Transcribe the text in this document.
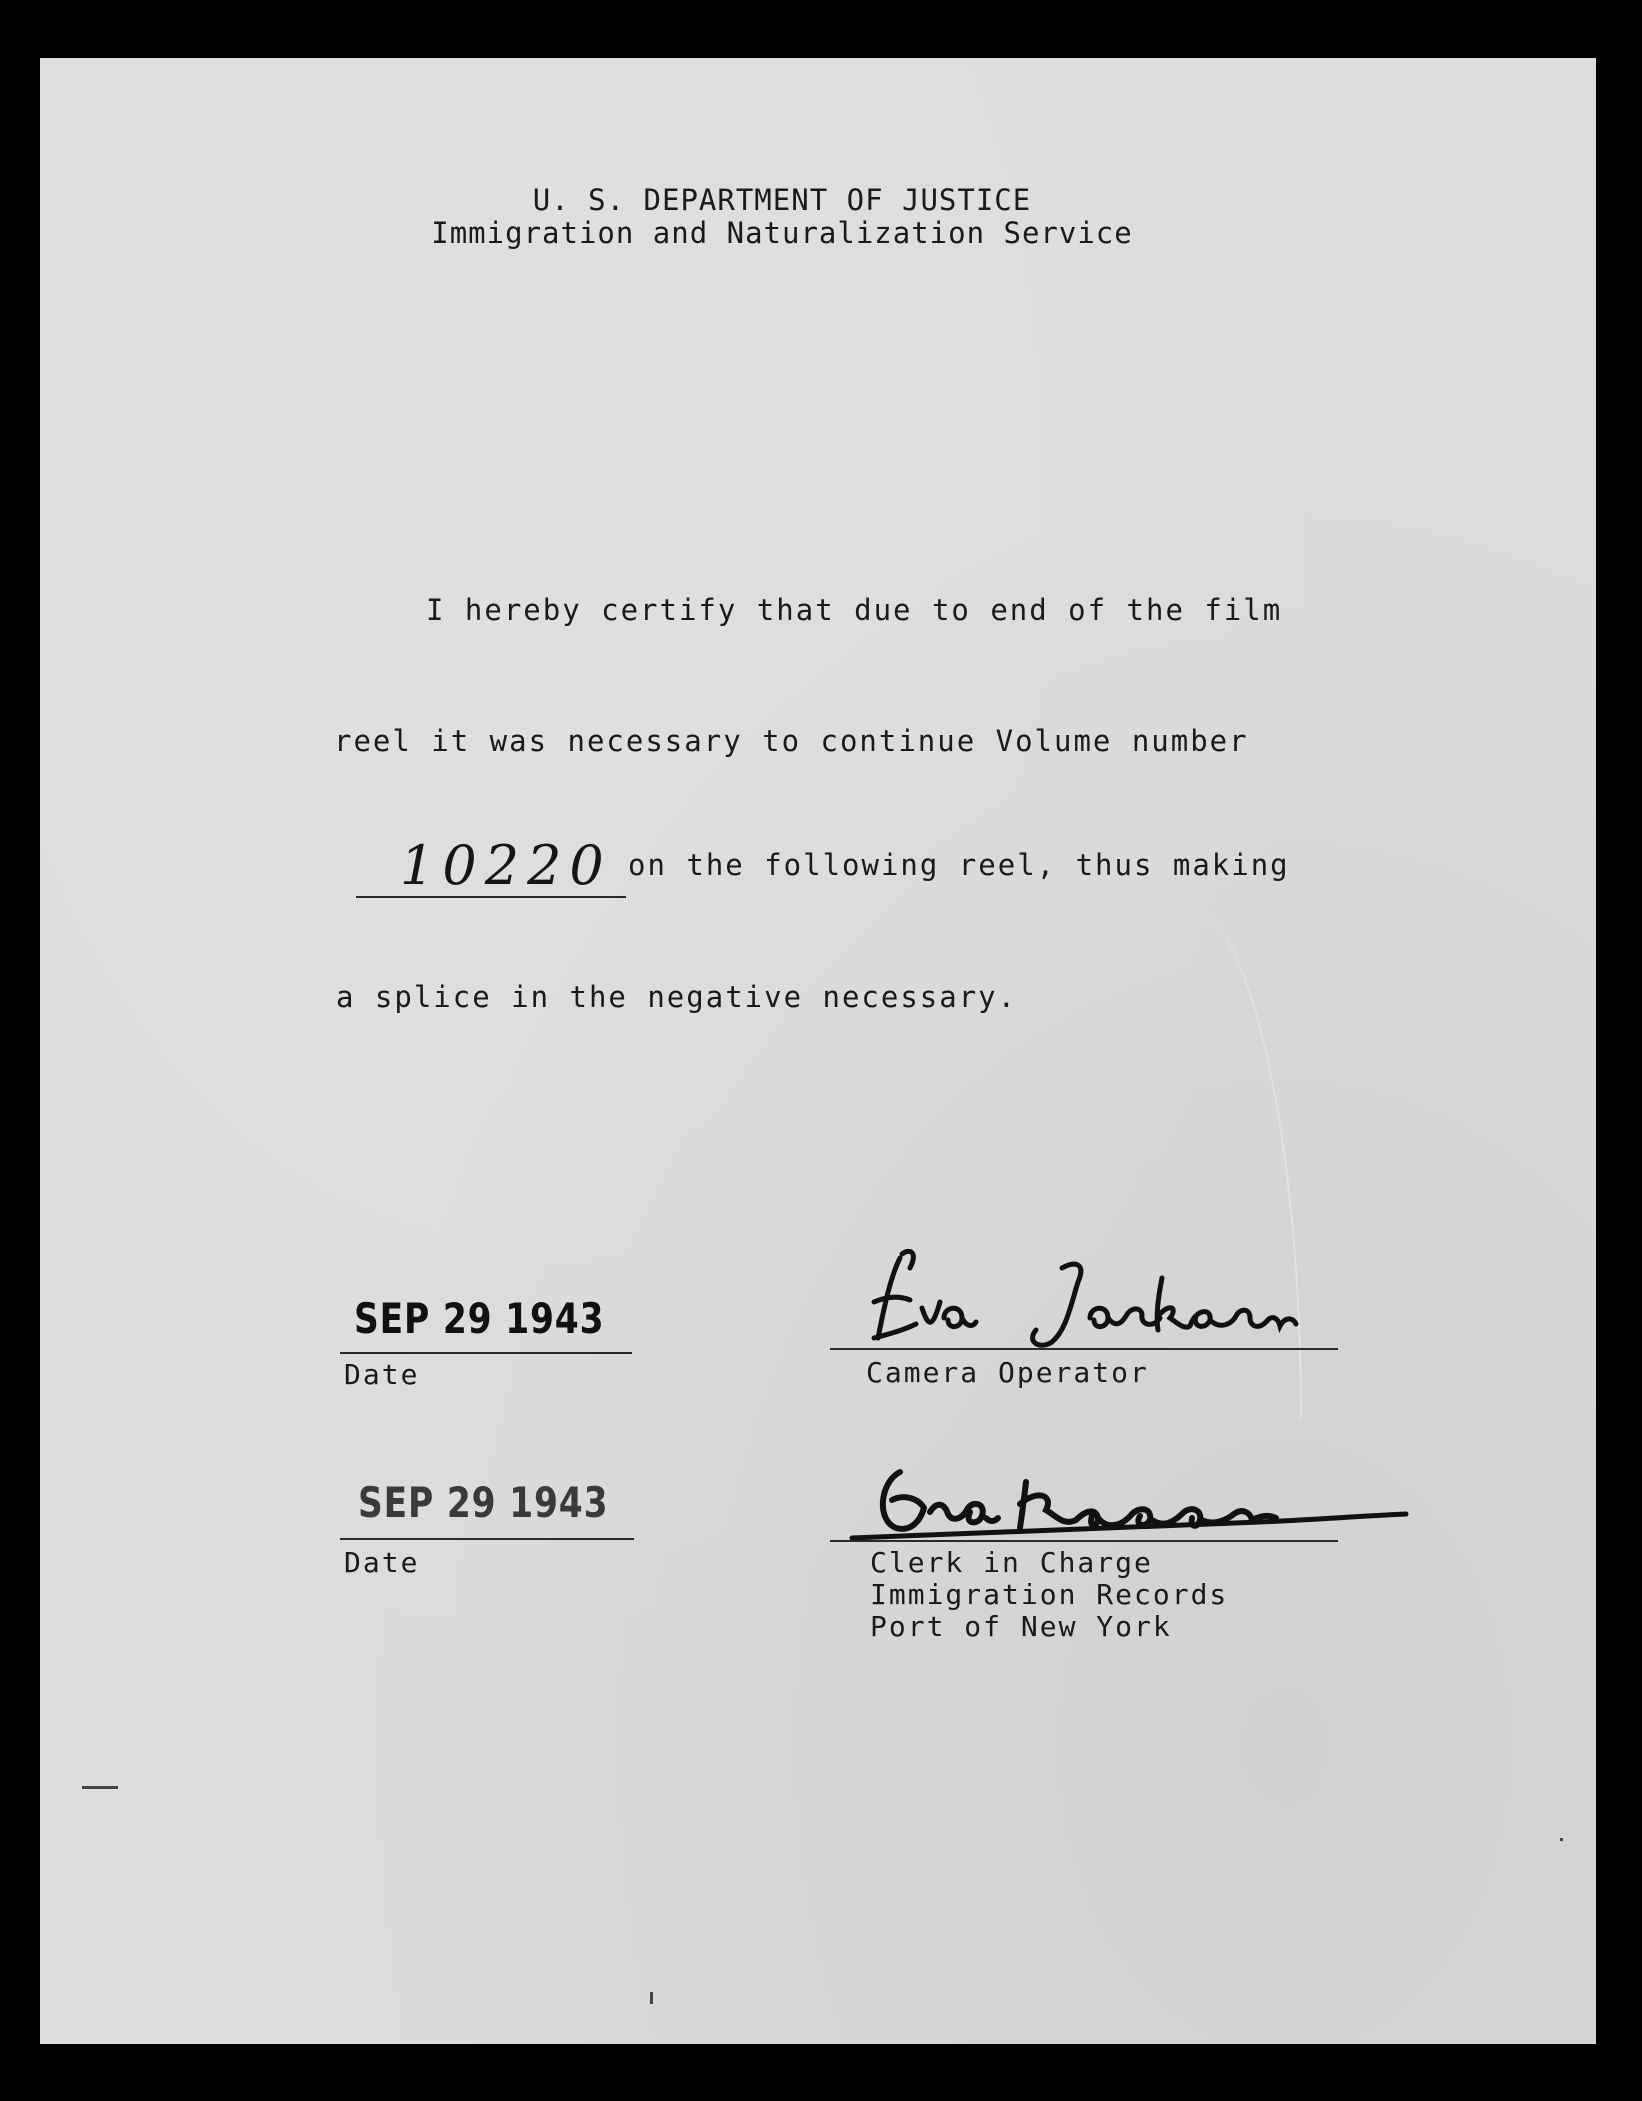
U. S. DEPARTMENT OF JUSTICE
Immigration and Naturalization Service
I hereby certify that due to end of the film
reel it was necessary to continue Volume number
10220 on the following reel, thus making
a splice in the negative necessary.
SEP 29 1943
Date	Camera Operator
SEP 29 1943
Date	Clerk in Charge
Immigration Records
Port of New York
